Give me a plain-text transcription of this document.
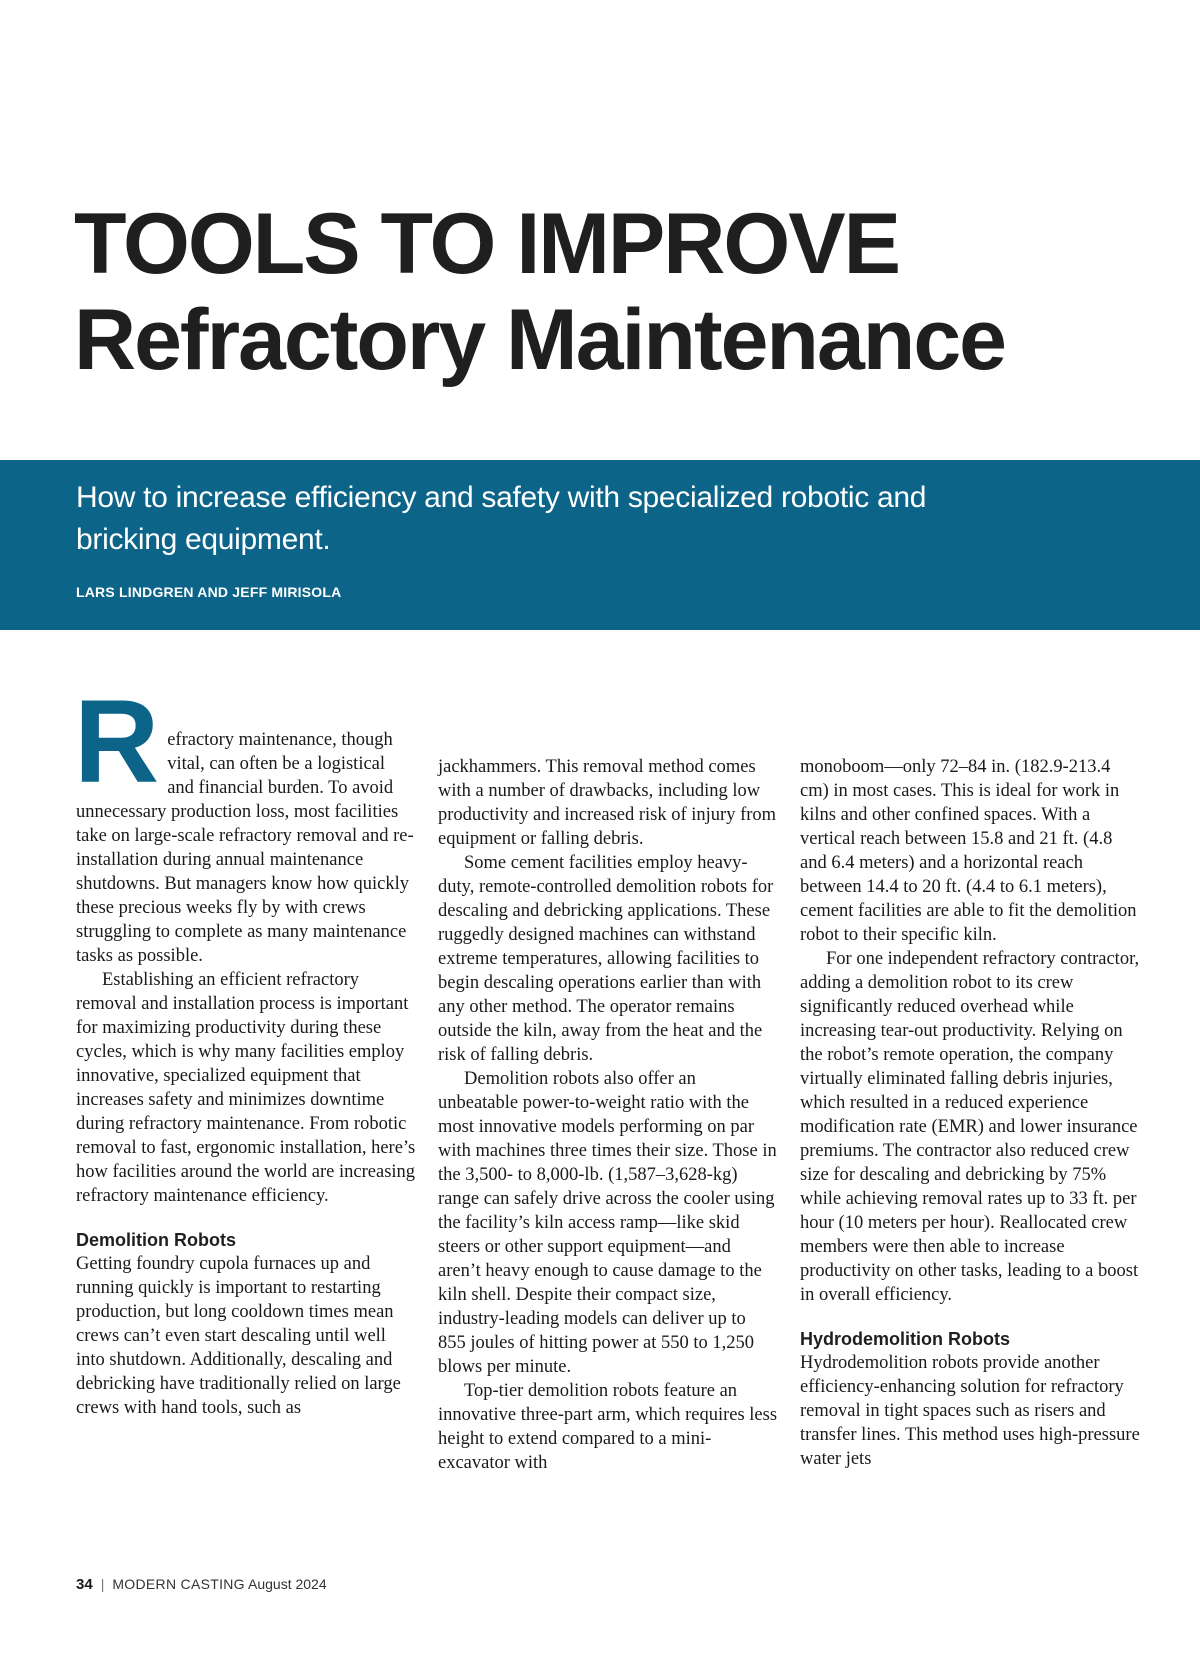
TOOLS TO IMPROVE
Refractory Maintenance

How to increase efficiency and safety with specialized robotic and bricking equipment.

LARS LINDGREN AND JEFF MIRISOLA
R efractory maintenance, though vital, can often be a logistical and financial burden. To avoid unnecessary production loss, most facilities take on large-scale refractory removal and re-installation during annual maintenance shutdowns. But managers know how quickly these precious weeks fly by with crews struggling to complete as many maintenance tasks as possible.

Establishing an efficient refractory removal and installation process is important for maximizing productivity during these cycles, which is why many facilities employ innovative, specialized equipment that increases safety and minimizes downtime during refractory maintenance. From robotic removal to fast, ergonomic installation, here’s how facilities around the world are increasing refractory maintenance efficiency.

Demolition Robots

Getting foundry cupola furnaces up and running quickly is important to restarting production, but long cooldown times mean crews can’t even start descaling until well into shutdown. Additionally, descaling and debricking have traditionally relied on large crews with hand tools, such as

jackhammers. This removal method comes with a number of drawbacks, including low productivity and increased risk of injury from equipment or falling debris.

Some cement facilities employ heavy-duty, remote-controlled demolition robots for descaling and debricking applications. These ruggedly designed machines can withstand extreme temperatures, allowing facilities to begin descaling operations earlier than with any other method. The operator remains outside the kiln, away from the heat and the risk of falling debris.

Demolition robots also offer an unbeatable power-to-weight ratio with the most innovative models performing on par with machines three times their size. Those in the 3,500- to 8,000-lb. (1,587–3,628-kg) range can safely drive across the cooler using the facility’s kiln access ramp—like skid steers or other support equipment—and aren’t heavy enough to cause damage to the kiln shell. Despite their compact size, industry-leading models can deliver up to 855 joules of hitting power at 550 to 1,250 blows per minute.

Top-tier demolition robots feature an innovative three-part arm, which requires less height to extend compared to a mini-excavator with

monoboom––only 72–84 in. (182.9-213.4 cm) in most cases. This is ideal for work in kilns and other confined spaces. With a vertical reach between 15.8 and 21 ft. (4.8 and 6.4 meters) and a horizontal reach between 14.4 to 20 ft. (4.4 to 6.1 meters), cement facilities are able to fit the demolition robot to their specific kiln.

For one independent refractory contractor, adding a demolition robot to its crew significantly reduced overhead while increasing tear-out productivity. Relying on the robot’s remote operation, the company virtually eliminated falling debris injuries, which resulted in a reduced experience modification rate (EMR) and lower insurance premiums. The contractor also reduced crew size for descaling and debricking by 75% while achieving removal rates up to 33 ft. per hour (10 meters per hour). Reallocated crew members were then able to increase productivity on other tasks, leading to a boost in overall efficiency.

Hydrodemolition Robots

Hydrodemolition robots provide another efficiency-enhancing solution for refractory removal in tight spaces such as risers and transfer lines. This method uses high-pressure water jets

34 | MODERN CASTING August 2024
